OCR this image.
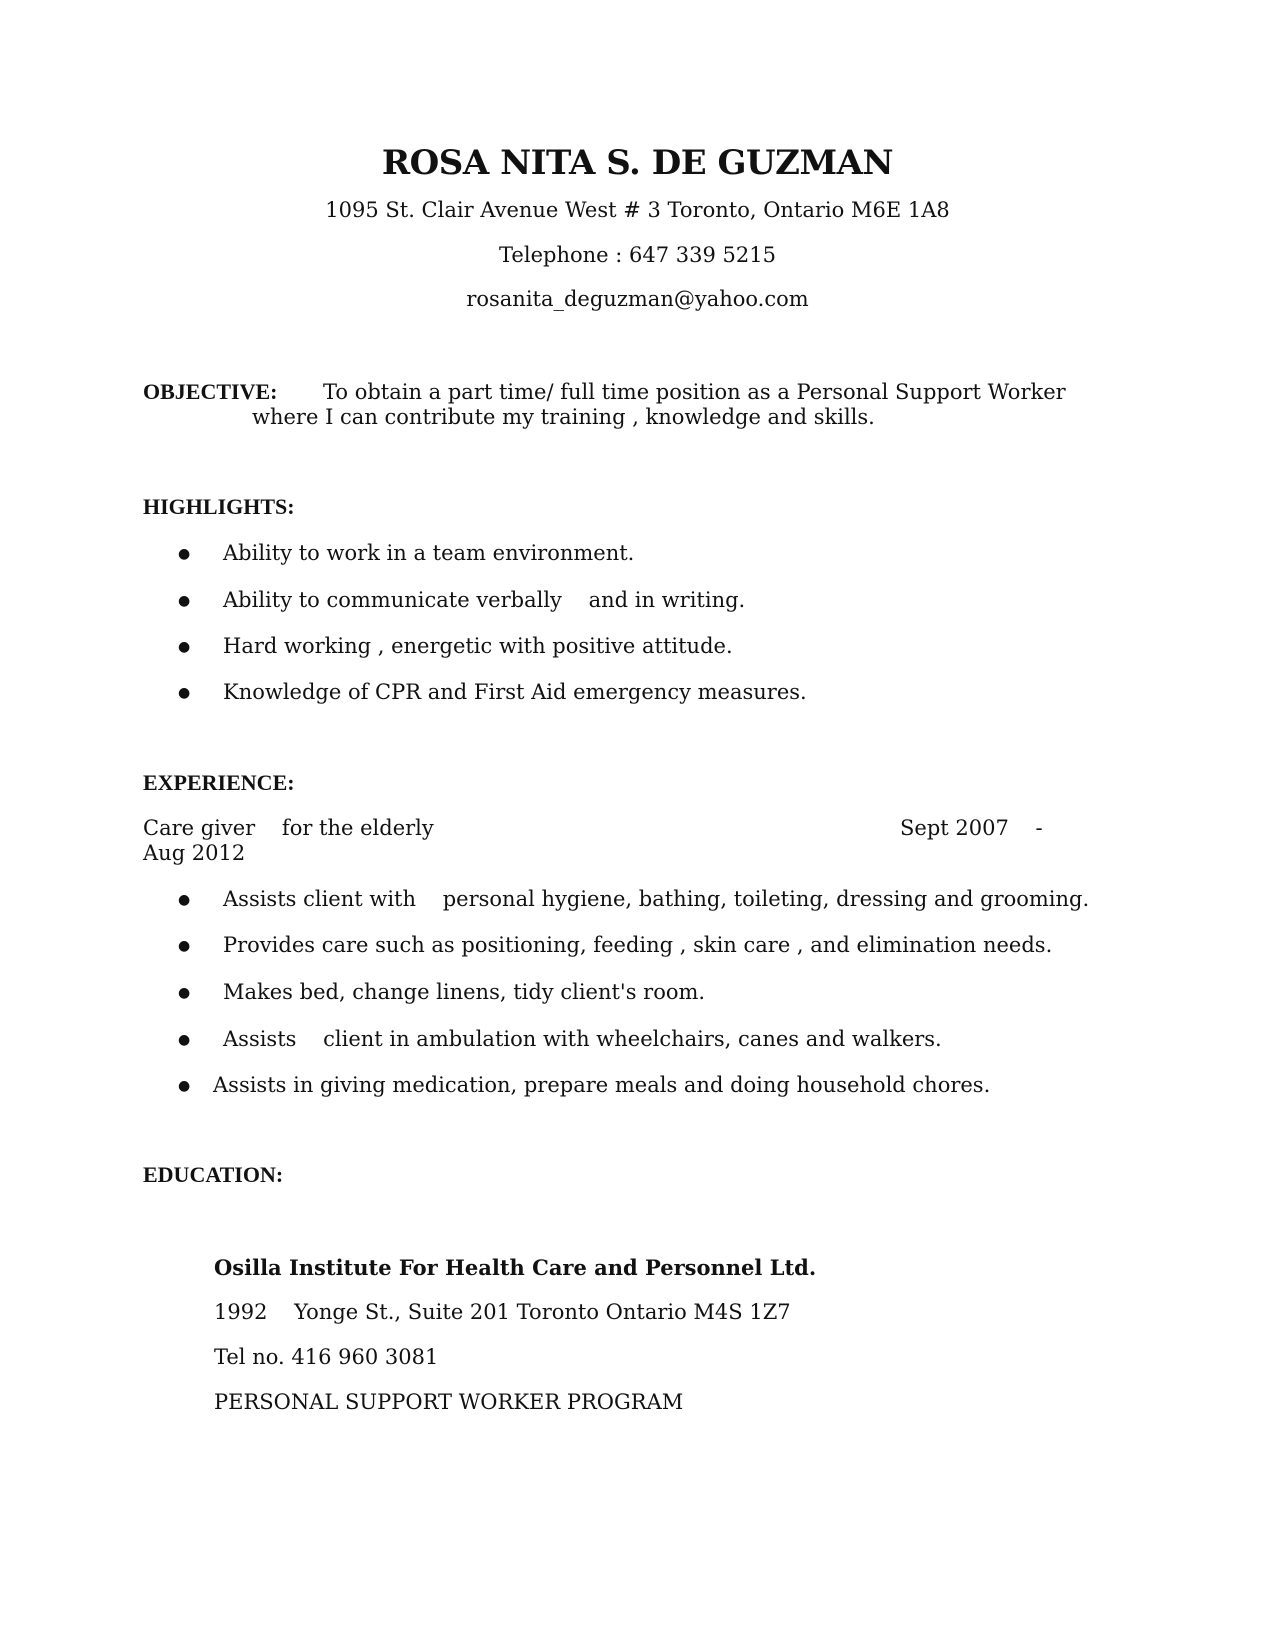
ROSA NITA S. DE GUZMAN
1095 St. Clair Avenue West # 3 Toronto, Ontario M6E 1A8
Telephone : 647 339 5215
rosanita_deguzman@yahoo.com
OBJECTIVE: To obtain a part time/ full time position as a Personal Support Worker
where I can contribute my training , knowledge and skills.
HIGHLIGHTS:
● Ability to work in a team environment.
● Ability to communicate verbally    and in writing.
● Hard working , energetic with positive attitude.
● Knowledge of CPR and First Aid emergency measures.
EXPERIENCE:
Care giver    for the elderly	Sept 2007    -
Aug 2012
● Assists client with    personal hygiene, bathing, toileting, dressing and grooming.
● Provides care such as positioning, feeding , skin care , and elimination needs.
● Makes bed, change linens, tidy client's room.
● Assists    client in ambulation with wheelchairs, canes and walkers.
● Assists in giving medication, prepare meals and doing household chores.
EDUCATION:
Osilla Institute For Health Care and Personnel Ltd.
1992    Yonge St., Suite 201 Toronto Ontario M4S 1Z7
Tel no. 416 960 3081
PERSONAL SUPPORT WORKER PROGRAM
